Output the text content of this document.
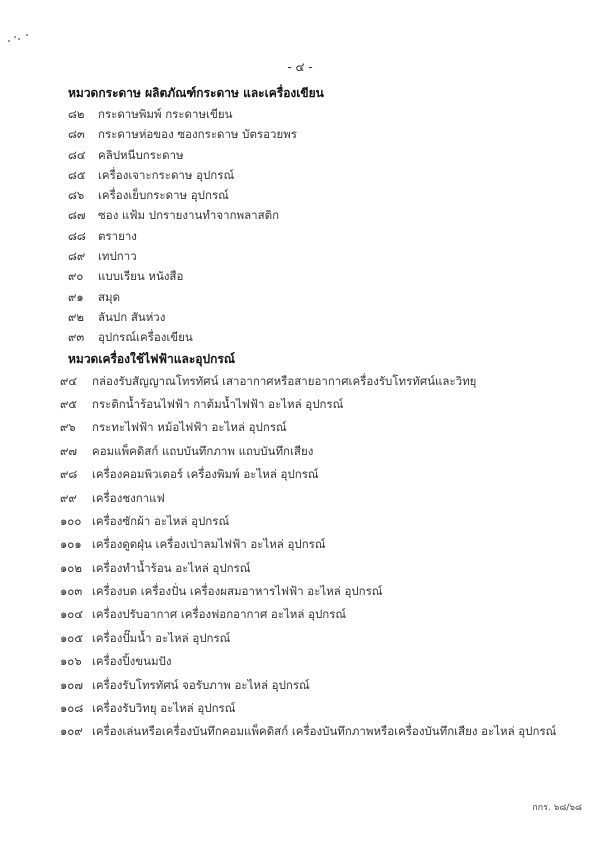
- ๔ -
หมวดกระดาษ ผลิตภัณฑ์กระดาษ และเครื่องเขียน
๘๒	กระดาษพิมพ์ กระดาษเขียน
๘๓	กระดาษห่อของ ซองกระดาษ บัตรอวยพร
๘๔	คลิปหนีบกระดาษ
๘๕	เครื่องเจาะกระดาษ อุปกรณ์
๘๖	เครื่องเย็บกระดาษ อุปกรณ์
๘๗	ซอง แฟ้ม ปกรายงานทำจากพลาสติก
๘๘	ตรายาง
๘๙	เทปกาว
๙๐	แบบเรียน หนังสือ
๙๑	สมุด
๙๒	ลันปก สันห่วง
๙๓	อุปกรณ์เครื่องเขียน
หมวดเครื่องใช้ไฟฟ้าและอุปกรณ์
๙๔	กล่องรับสัญญาณโทรทัศน์ เสาอากาศหรือสายอากาศเครื่องรับโทรทัศน์และวิทยุ
๙๕	กระติกน้ำร้อนไฟฟ้า กาต้มน้ำไฟฟ้า อะไหล่ อุปกรณ์
๙๖	กระทะไฟฟ้า หม้อไฟฟ้า อะไหล่ อุปกรณ์
๙๗	คอมแพ็คดิสก์ แถบบันทึกภาพ แถบบันทึกเสียง
๙๘	เครื่องคอมพิวเตอร์ เครื่องพิมพ์ อะไหล่ อุปกรณ์
๙๙	เครื่องชงกาแฟ
๑๐๐ เครื่องซักผ้า อะไหล่ อุปกรณ์
๑๐๑ เครื่องดูดฝุ่น เครื่องเป่าลมไฟฟ้า อะไหล่ อุปกรณ์
๑๐๒ เครื่องทำน้ำร้อน อะไหล่ อุปกรณ์
๑๐๓ เครื่องบด เครื่องปั่น เครื่องผสมอาหารไฟฟ้า อะไหล่ อุปกรณ์
๑๐๔ เครื่องปรับอากาศ เครื่องฟอกอากาศ อะไหล่ อุปกรณ์
๑๐๕ เครื่องปั๊มน้ำ อะไหล่ อุปกรณ์
๑๐๖ เครื่องปิ้งขนมปัง
๑๐๗ เครื่องรับโทรทัศน์ จอรับภาพ อะไหล่ อุปกรณ์
๑๐๘ เครื่องรับวิทยุ อะไหล่ อุปกรณ์
๑๐๙ เครื่องเล่นหรือเครื่องบันทึกคอมแพ็คดิสก์ เครื่องบันทึกภาพหรือเครื่องบันทึกเสียง อะไหล่ อุปกรณ์
กกร. ๖๘/๖๘
